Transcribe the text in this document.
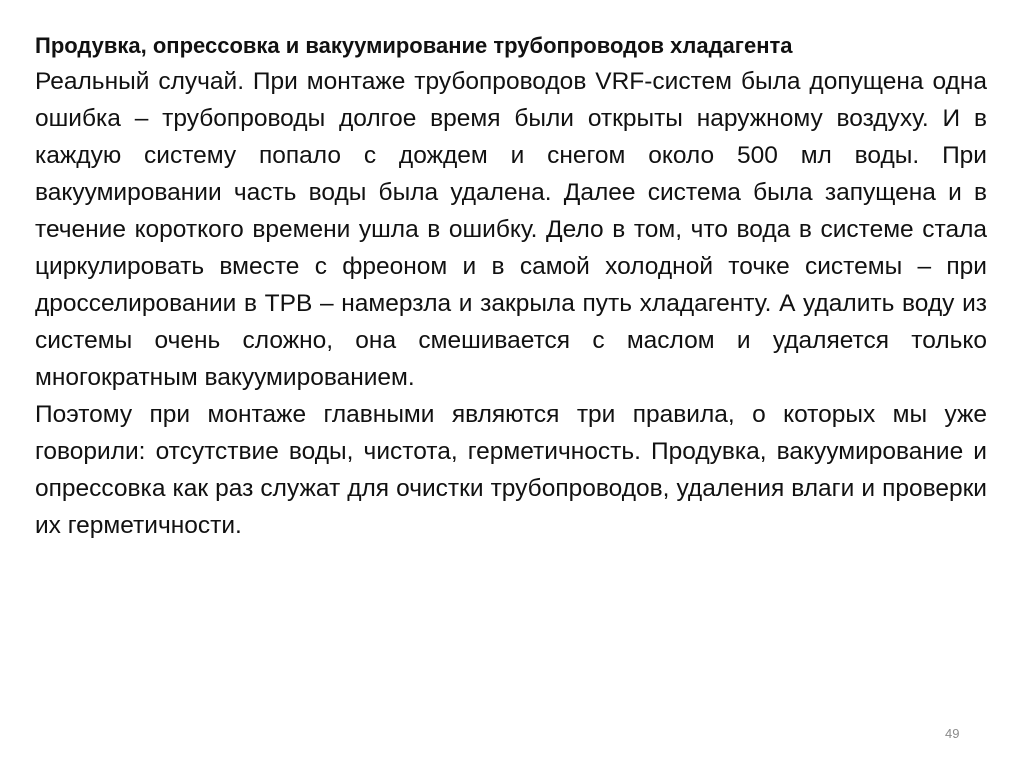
Продувка, опрессовка и вакуумирование трубопроводов хладагента

Реальный случай. При монтаже трубопроводов VRF-систем была допущена одна ошибка – трубопроводы долгое время были открыты наружному воздуху. И в каждую систему попало с дождем и снегом около 500 мл воды. При вакуумировании часть воды была удалена. Далее система была запущена и в течение короткого времени ушла в ошибку. Дело в том, что вода в системе стала циркулировать вместе с фреоном и в самой холодной точке системы – при дросселировании в ТРВ – намерзла и закрыла путь хладагенту. А удалить воду из системы очень сложно, она смешивается с маслом и удаляется только многократным вакуумированием.

Поэтому при монтаже главными являются три правила, о которых мы уже говорили: отсутствие воды, чистота, герметичность. Продувка, вакуумирование и опрессовка как раз служат для очистки трубопроводов, удаления влаги и проверки их герметичности.

49
